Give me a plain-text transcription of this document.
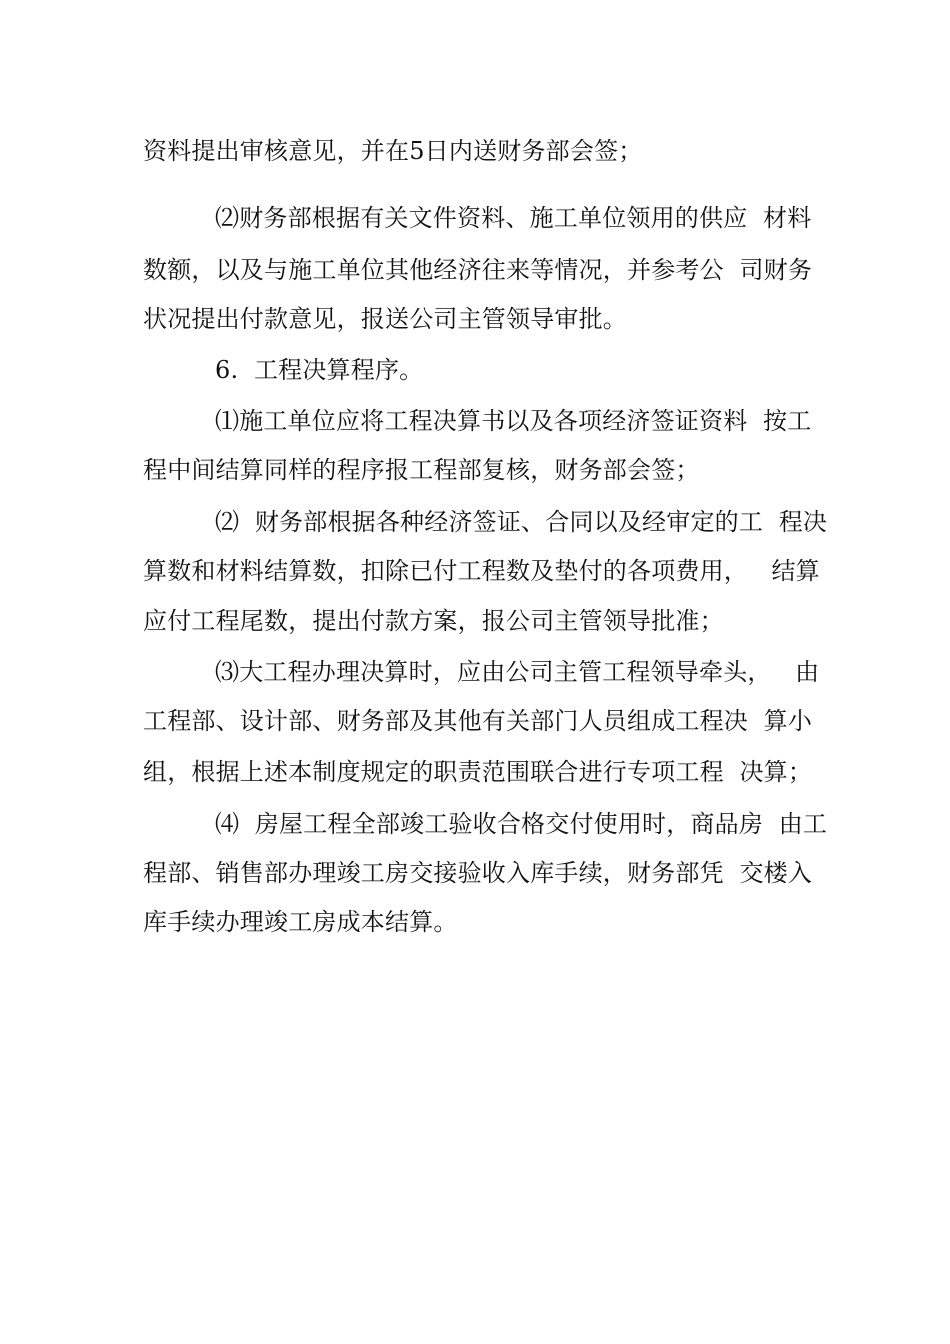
资料提出审核意见，并在5日内送财务部会签；
⑵财务部根据有关文件资料、施工单位领用的供应  材料
数额，以及与施工单位其他经济往来等情况，并参考公  司财务
状况提出付款意见，报送公司主管领导审批。
6.  工程决算程序。
⑴施工单位应将工程决算书以及各项经济签证资料  按工
程中间结算同样的程序报工程部复核，财务部会签；
⑵  财务部根据各种经济签证、合同以及经审定的工  程决
算数和材料结算数，扣除已付工程数及垫付的各项费用，   结算
应付工程尾数，提出付款方案，报公司主管领导批准；
⑶大工程办理决算时，应由公司主管工程领导牵头，   由
工程部、设计部、财务部及其他有关部门人员组成工程决  算小
组，根据上述本制度规定的职责范围联合进行专项工程  决算；
⑷  房屋工程全部竣工验收合格交付使用时，商品房  由工
程部、销售部办理竣工房交接验收入库手续，财务部凭  交楼入
库手续办理竣工房成本结算。
